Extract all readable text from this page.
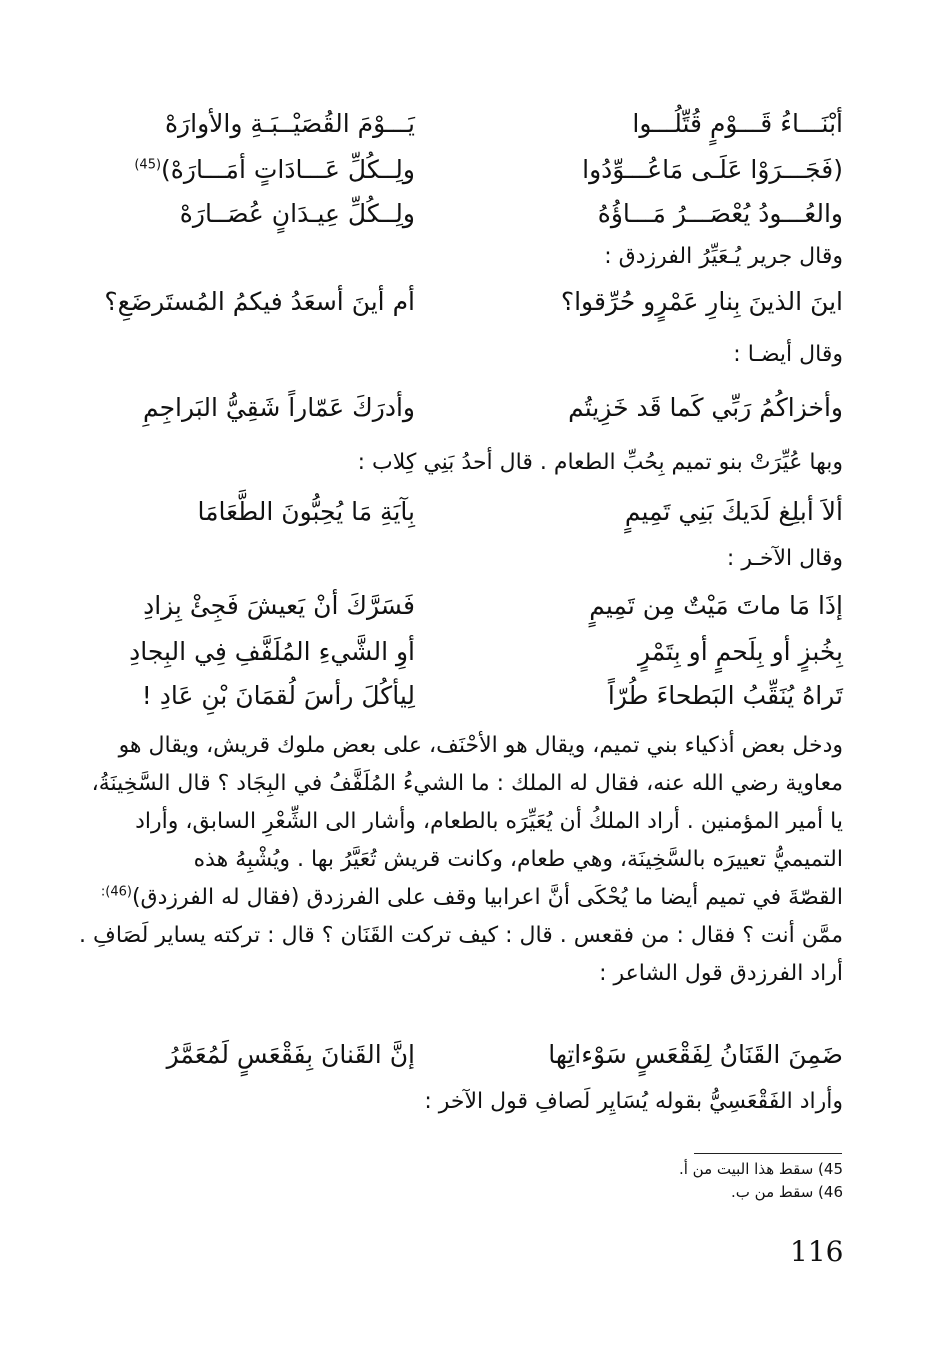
أبْنَـــاءُ قَـــوْمٍ قُتِّلُـــوا
يَـــوْمَ القُصَيْــبَـةِ والأوارَهْ
(فَجَـــرَوْا عَلَـى مَاعُـــوِّدُوا
ولِــكُلِّ عَـــادَاتٍ أمَـــارَهْ)$^{(45)}$
والعُـــودُ يُعْصَـــرُ مَـــاؤُهُ
ولِــكُلِّ عِيـدَانٍ عُصَــارَهْ
وقال جرير يُـعَيِّرُ الفرزدق :
اينَ الذينَ بِنارِ عَمْرٍو حُرِّقوا؟
أم أينَ أسعَدُ فيكمُ المُستَرضَعِ؟
وقال أيضـا :
وأخزاكُمُ رَبِّي كَما قَد خَزِيتُم
وأدرَكَ عَمّاراً شَقِيُّ البَراجِمِ
وبها عُيِّرَتْ بنو تميم بِحُبِّ الطعام . قال أحدُ بَنِي كِلاب :
ألاَ أبلِغ لَدَيكَ بَنِي تَمِيمٍ
بِآيَةِ مَا يُحِبُّونَ الطَّعَامَا
وقال الآخـر :
إذَا مَا ماتَ مَيْتٌ مِن تَمِيمٍ
فَسَرَّكَ أنْ يَعيشَ فَجِئْ بِزادِ
بِخُبزٍ أو بِلَحمٍ أو بِتَمْرٍ
أوِ الشَّيءِ المُلَفَّفِ فِي البِجادِ
تَراهُ يُنَقِّبُ البَطحاءَ طُرّاً
لِيأكُلَ رأسَ لُقمَانَ بْنِ عَادِ !
ودخل بعض أذكياء بني تميم، ويقال هو الأحْنَف، على بعض ملوك قريش، ويقال هو
معاوية رضي الله عنه، فقال له الملك : ما الشيءُ المُلَفَّفُ في البِجَاد ؟ قال السَّخِينَةُ،
يا أمير المؤمنين . أراد الملكُ أن يُعَيِّرَه بالطعام، وأشار الى الشِّعْرِ السابق، وأراد
التميميُّ تعييرَه بالسَّخِينَة، وهي طعام، وكانت قريش تُعَيَّرُ بها . ويُشْبِهُ هذه
القصّةَ في تميم أيضا ما يُحْكَى أنَّ اعرابيا وقف على الفرزدق (فقال له الفرزدق)$^{(46):}$
ممَّن أنت ؟ فقال : من فقعس . قال : كيف تركت القَنَان ؟ قال : تركته يساير لَصَافِ .
أراد الفرزدق قول الشاعر :
ضَمِنَ القَنَانُ لِفَقْعَسٍ سَوْءاتِها
إنَّ القَنانَ بِفَقْعَسٍ لَمُعَمَّرُ
وأراد الفَقْعَسِيُّ بقوله يُسَايِر لَصافِ قول الآخر :
45) سقط هذا البيت من أ.
46) سقط من ب.
116
